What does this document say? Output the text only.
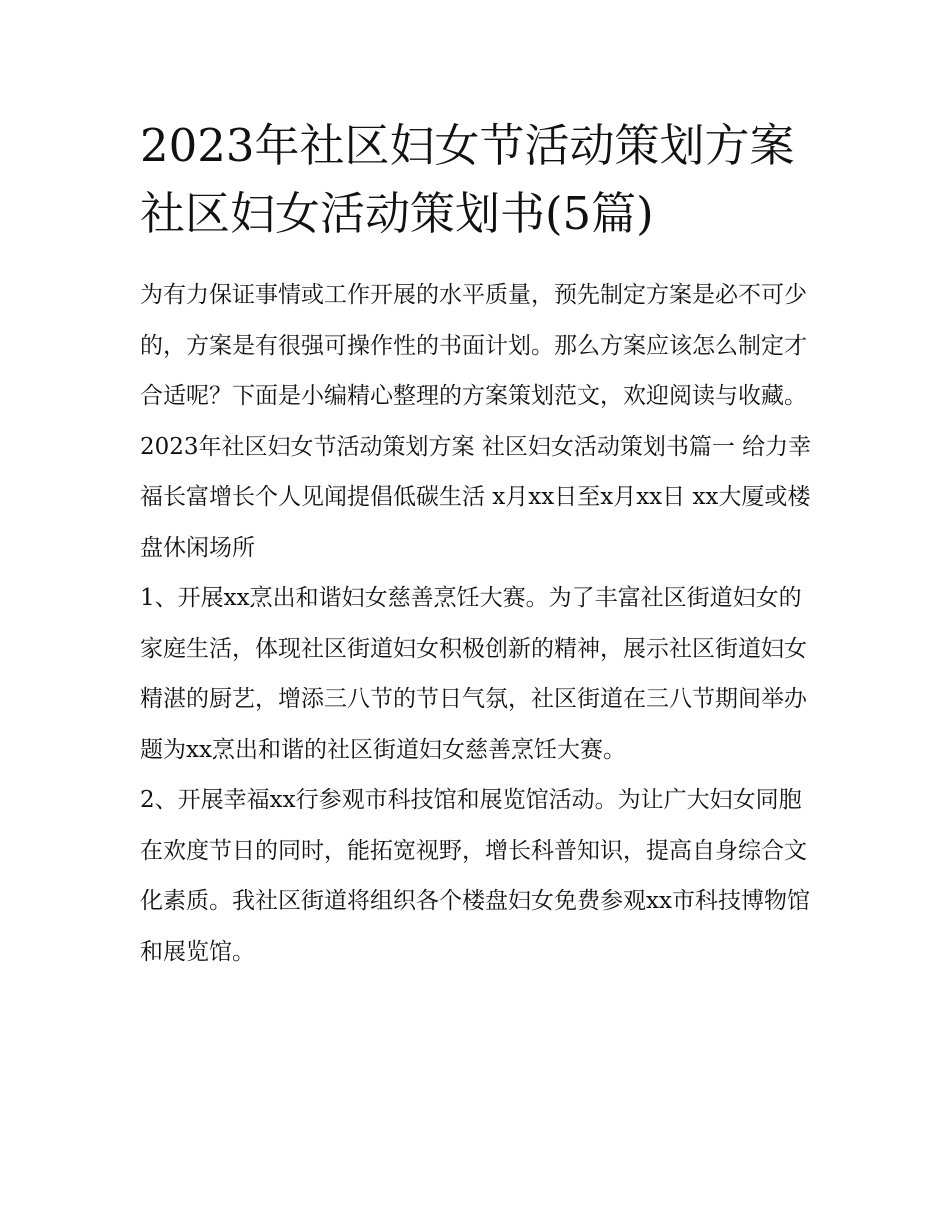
2023年社区妇女节活动策划方案 社区妇女活动策划书(5篇)

为有力保证事情或工作开展的水平质量，预先制定方案是必不可少的，方案是有很强可操作性的书面计划。那么方案应该怎么制定才合适呢？下面是小编精心整理的方案策划范文，欢迎阅读与收藏。

2023年社区妇女节活动策划方案 社区妇女活动策划书篇一 给力幸福长富增长个人见闻提倡低碳生活 x月xx日至x月xx日 xx大厦或楼盘休闲场所

1、开展xx烹出和谐妇女慈善烹饪大赛。为了丰富社区街道妇女的家庭生活，体现社区街道妇女积极创新的精神，展示社区街道妇女精湛的厨艺，增添三八节的节日气氛，社区街道在三八节期间举办题为xx烹出和谐的社区街道妇女慈善烹饪大赛。

2、开展幸福xx行参观市科技馆和展览馆活动。为让广大妇女同胞在欢度节日的同时，能拓宽视野，增长科普知识，提高自身综合文化素质。我社区街道将组织各个楼盘妇女免费参观xx市科技博物馆和展览馆。
